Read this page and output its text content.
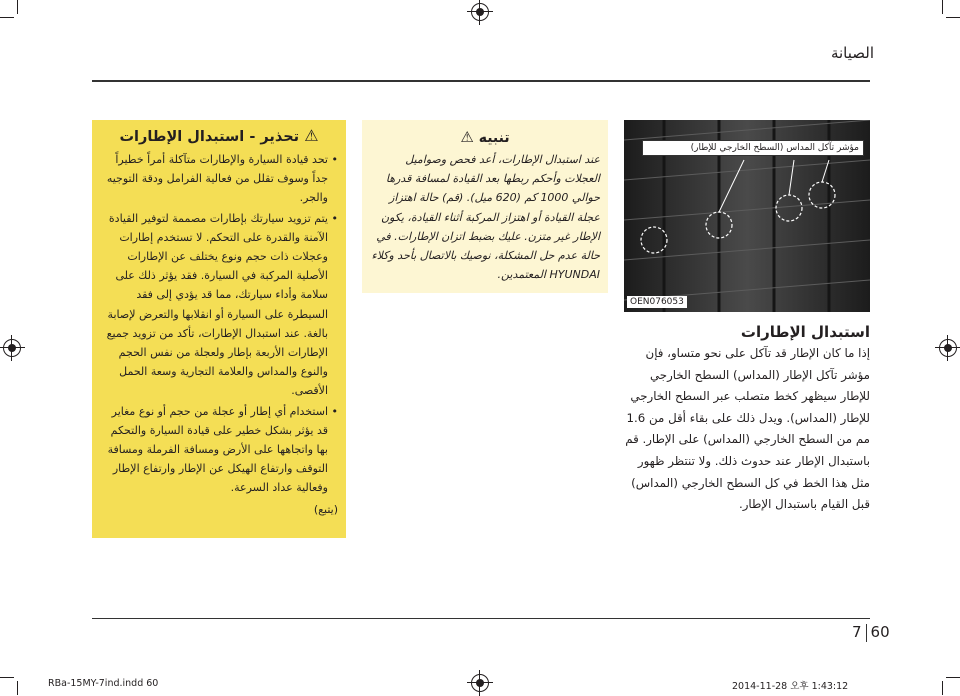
الصيانة
مؤشر تآكل المداس (السطح الخارجي للإطار)
OEN076053
استبدال الإطارات
إذا ما كان الإطار قد تآكل على نحو متساو، فإن مؤشر تآكل الإطار (المداس) السطح الخارجي للإطار سيظهر كخط متصلب عبر السطح الخارجي للإطار (المداس). ويدل ذلك على بقاء أقل من 1.6 مم من السطح الخارجي (المداس) على الإطار. قم باستبدال الإطار عند حدوث ذلك. ولا تنتظر ظهور مثل هذا الخط في كل السطح الخارجي (المداس) قبل القيام باستبدال الإطار.
⚠ تنبيه
عند استبدال الإطارات، أعد فحص وصواميل العجلات وأحكم ربطها بعد القيادة لمسافة قدرها حوالي 1000 كم (620 ميل). (قم) حالة اهتزاز عجلة القيادة أو اهتزاز المركبة أثناء القيادة، يكون الإطار غير متزن. عليك بضبط اتزان الإطارات. في حالة عدم حل المشكلة، نوصيك بالاتصال بأحد وكلاء HYUNDAI المعتمدين.
⚠ تحذير - استبدال الإطارات
• تحد قيادة السيارة والإطارات متآكلة أمراً خطيراً جداً وسوف تقلل من فعالية الفرامل ودقة التوجيه والجر.
• يتم تزويد سيارتك بإطارات مصممة لتوفير القيادة الآمنة والقدرة على التحكم. لا تستخدم إطارات وعجلات ذات حجم ونوع يختلف عن الإطارات الأصلية المركبة في السيارة. فقد يؤثر ذلك على سلامة وأداء سيارتك، مما قد يؤدي إلى فقد السيطرة على السيارة أو انقلابها والتعرض لإصابة بالغة. عند استبدال الإطارات، تأكد من تزويد جميع الإطارات الأربعة بإطار ولعجلة من نفس الحجم والنوع والمداس والعلامة التجارية وسعة الحمل الأقصى.
• استخدام أي إطار أو عجلة من حجم أو نوع مغاير قد يؤثر بشكل خطير على قيادة السيارة والتحكم بها واتجاهها على الأرض ومسافة الفرملة ومسافة التوقف وارتفاع الهيكل عن الإطار وارتفاع الإطار وفعالية عداد السرعة.
(يتبع)
7 60
RBa-15MY-7ind.indd 60	2014-11-28 오후 1:43:12
